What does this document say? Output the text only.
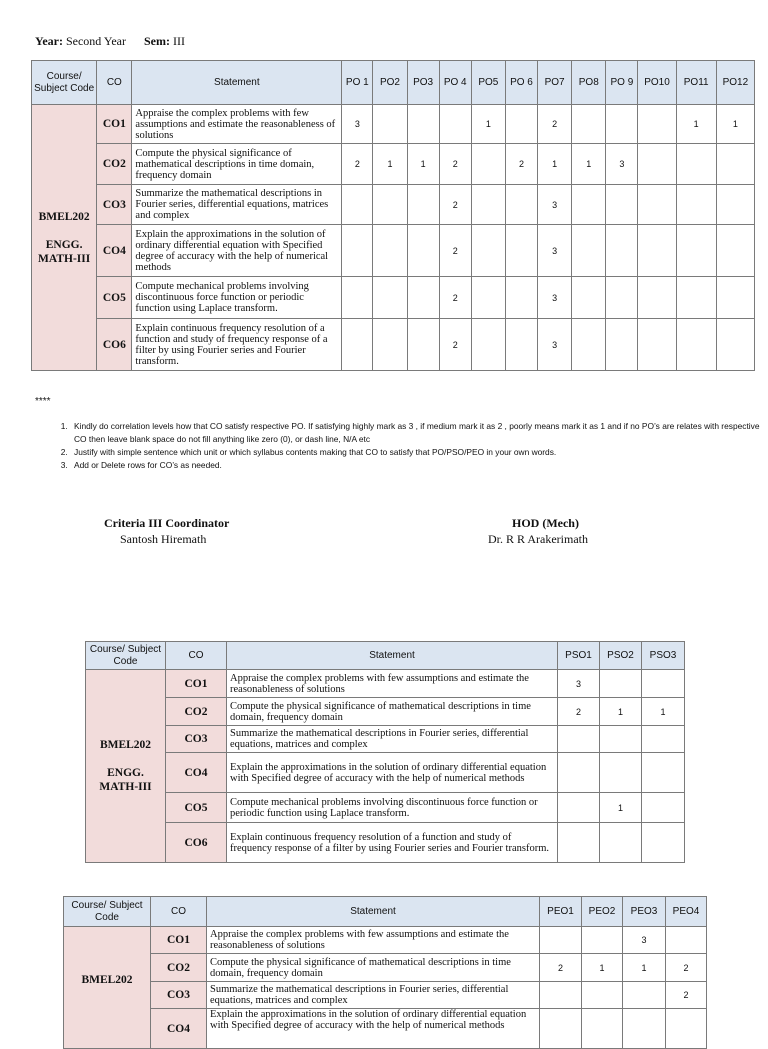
Year: Second Year Sem: III
Course/ Subject Code	CO	Statement	PO 1	PO2	PO3	PO 4	PO5	PO 6	PO7	PO8	PO 9	PO10	PO11	PO12

BMEL202
ENGG.
MATH-III	CO1	Appraise the complex problems with few assumptions and estimate the reasonableness of solutions	3				1		2				1	1
	CO2	Compute the physical significance of mathematical descriptions in time domain, frequency domain	2	1	1	2		2	1	1	3			
	CO3	Summarize the mathematical descriptions in Fourier series, differential equations, matrices and complex				2			3					
	CO4	Explain the approximations in the solution of ordinary differential equation with Specified degree of accuracy with the help of numerical methods				2			3					
	CO5	Compute mechanical problems involving discontinuous force function or periodic function using Laplace transform.				2			3					
	CO6	Explain continuous frequency resolution of a function and study of frequency response of a filter by using Fourier series and Fourier transform.				2			3					
****
1. Kindly do correlation levels how that CO satisfy respective PO. If satisfying highly mark as 3 , if medium mark it as 2 , poorly means mark it as 1 and if no PO’s are relates with respective CO then leave blank space do not fill anything like zero (0), or dash line, N/A etc
2. Justify with simple sentence which unit or which syllabus contents making that CO to satisfy that PO/PSO/PEO in your own words.
3. Add or Delete rows for CO’s as needed.
Criteria III Coordinator
Santosh Hiremath
HOD (Mech)
Dr. R R Arakerimath
Course/ Subject Code	CO	Statement	PSO1	PSO2	PSO3

BMEL202
ENGG.
MATH-III	CO1	Appraise the complex problems with few assumptions and estimate the reasonableness of solutions	3		
	CO2	Compute the physical significance of mathematical descriptions in time domain, frequency domain	2	1	1
	CO3	Summarize the mathematical descriptions in Fourier series, differential equations, matrices and complex			
	CO4	Explain the approximations in the solution of ordinary differential equation with Specified degree of accuracy with the help of numerical methods			
	CO5	Compute mechanical problems involving discontinuous force function or periodic function using Laplace transform.		1	
	CO6	Explain continuous frequency resolution of a function and study of frequency response of a filter by using Fourier series and Fourier transform.			
Course/ Subject Code	CO	Statement	PEO1	PEO2	PEO3	PEO4

BMEL202	CO1	Appraise the complex problems with few assumptions and estimate the reasonableness of solutions			3	
	CO2	Compute the physical significance of mathematical descriptions in time domain, frequency domain	2	1	1	2
	CO3	Summarize the mathematical descriptions in Fourier series, differential equations, matrices and complex				2
	CO4	Explain the approximations in the solution of ordinary differential equation with Specified degree of accuracy with the help of numerical methods				
